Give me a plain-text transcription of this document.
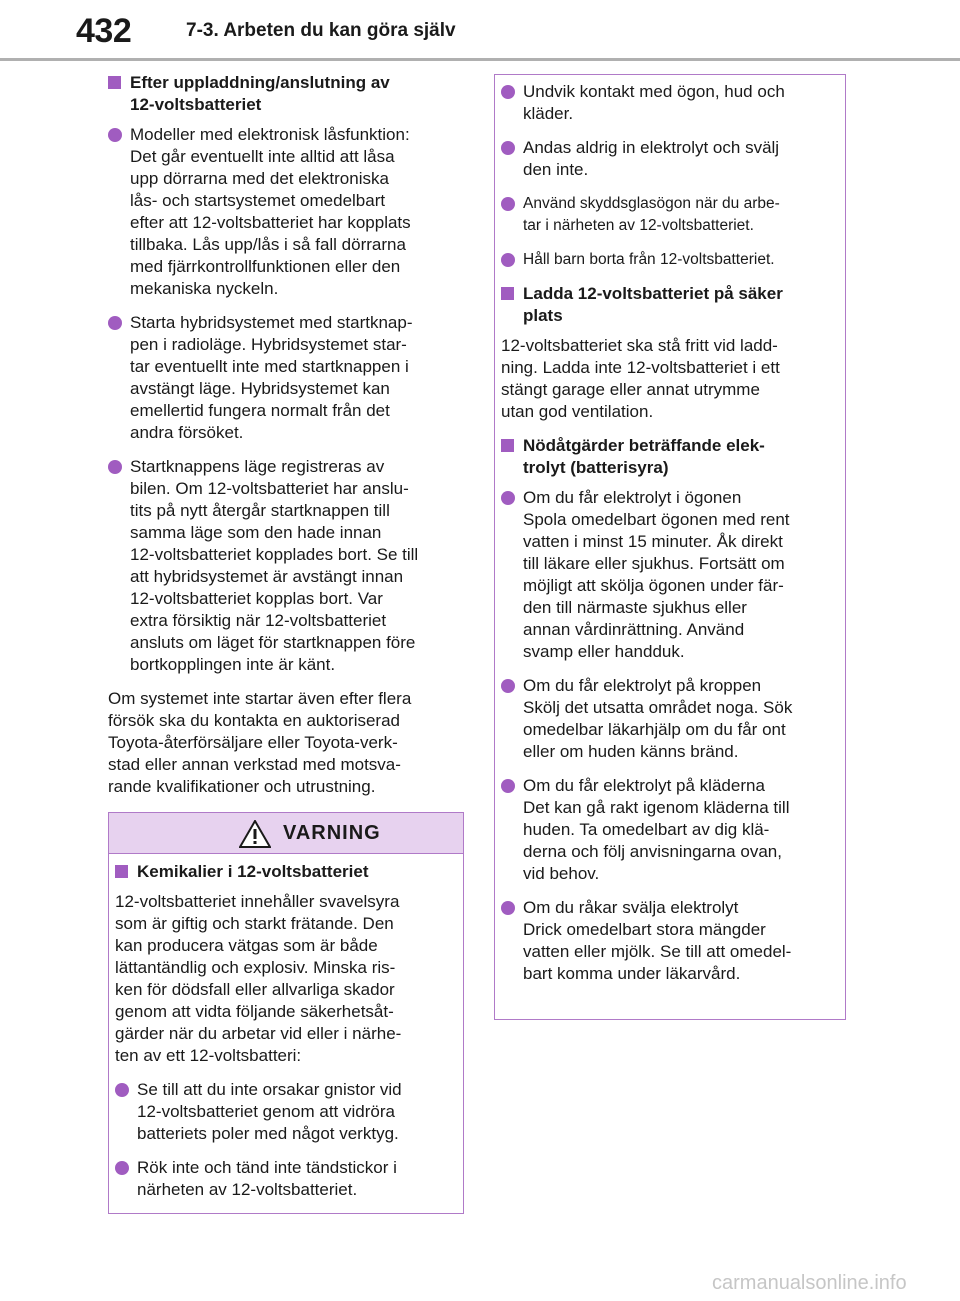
432	7-3. Arbeten du kan göra själv
Efter uppladdning/anslutning av
12-voltsbatteriet
Modeller med elektronisk låsfunktion:
Det går eventuellt inte alltid att låsa
upp dörrarna med det elektroniska
lås- och startsystemet omedelbart
efter att 12-voltsbatteriet har kopplats
tillbaka. Lås upp/lås i så fall dörrarna
med fjärrkontrollfunktionen eller den
mekaniska nyckeln.
Starta hybridsystemet med startknap-
pen i radioläge. Hybridsystemet star-
tar eventuellt inte med startknappen i
avstängt läge. Hybridsystemet kan
emellertid fungera normalt från det
andra försöket.
Startknappens läge registreras av
bilen. Om 12-voltsbatteriet har anslu-
tits på nytt återgår startknappen till
samma läge som den hade innan
12-voltsbatteriet kopplades bort. Se till
att hybridsystemet är avstängt innan
12-voltsbatteriet kopplas bort. Var
extra försiktig när 12-voltsbatteriet
ansluts om läget för startknappen före
bortkopplingen inte är känt.
Om systemet inte startar även efter flera
försök ska du kontakta en auktoriserad
Toyota-återförsäljare eller Toyota-verk-
stad eller annan verkstad med motsva-
rande kvalifikationer och utrustning.
VARNING
Kemikalier i 12-voltsbatteriet
12-voltsbatteriet innehåller svavelsyra
som är giftig och starkt frätande. Den
kan producera vätgas som är både
lättantändlig och explosiv. Minska ris-
ken för dödsfall eller allvarliga skador
genom att vidta följande säkerhetsåt-
gärder när du arbetar vid eller i närhe-
ten av ett 12-voltsbatteri:
Se till att du inte orsakar gnistor vid
12-voltsbatteriet genom att vidröra
batteriets poler med något verktyg.
Rök inte och tänd inte tändstickor i
närheten av 12-voltsbatteriet.
Undvik kontakt med ögon, hud och
kläder.
Andas aldrig in elektrolyt och svälj
den inte.
Använd skyddsglasögon när du arbe-
tar i närheten av 12-voltsbatteriet.
Håll barn borta från 12-voltsbatteriet.
Ladda 12-voltsbatteriet på säker
plats
12-voltsbatteriet ska stå fritt vid ladd-
ning. Ladda inte 12-voltsbatteriet i ett
stängt garage eller annat utrymme
utan god ventilation.
Nödåtgärder beträffande elek-
trolyt (batterisyra)
Om du får elektrolyt i ögonen
Spola omedelbart ögonen med rent
vatten i minst 15 minuter. Åk direkt
till läkare eller sjukhus. Fortsätt om
möjligt att skölja ögonen under fär-
den till närmaste sjukhus eller
annan vårdinrättning. Använd
svamp eller handduk.
Om du får elektrolyt på kroppen
Skölj det utsatta området noga. Sök
omedelbar läkarhjälp om du får ont
eller om huden känns bränd.
Om du får elektrolyt på kläderna
Det kan gå rakt igenom kläderna till
huden. Ta omedelbart av dig klä-
derna och följ anvisningarna ovan,
vid behov.
Om du råkar svälja elektrolyt
Drick omedelbart stora mängder
vatten eller mjölk. Se till att omedel-
bart komma under läkarvård.
carmanualsonline.info
